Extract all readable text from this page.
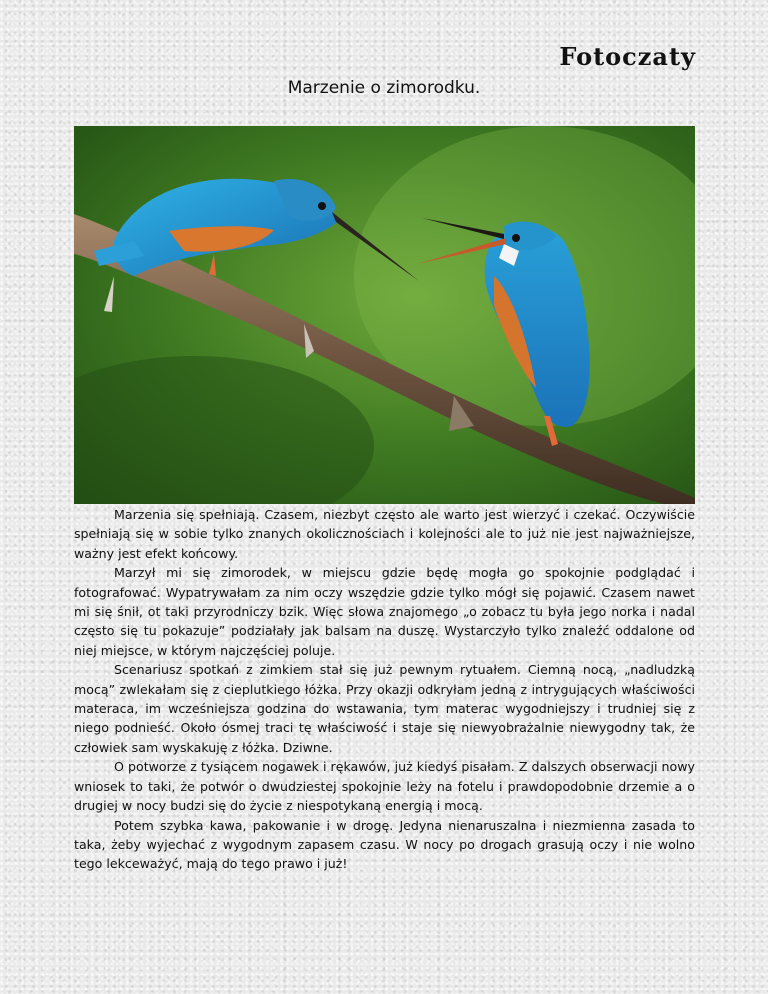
Fotoczaty
Marzenie o zimorodku.

Marzenia się spełniają. Czasem, niezbyt często ale warto jest wierzyć i czekać. Oczywiście spełniają się w sobie tylko znanych okolicznościach i kolejności ale to już nie jest najważniejsze, ważny jest efekt końcowy.

Marzył mi się zimorodek, w miejscu gdzie będę mogła go spokojnie podglądać i fotografować. Wypatrywałam za nim oczy wszędzie gdzie tylko mógł się pojawić. Czasem nawet mi się śnił, ot taki przyrodniczy bzik. Więc słowa znajomego „o zobacz tu była jego norka i nadal często się tu pokazuje” podziałały jak balsam na duszę. Wystarczyło tylko znaleźć oddalone od niej miejsce, w którym najczęściej poluje.

Scenariusz spotkań z zimkiem stał się już pewnym rytuałem. Ciemną nocą, „nadludzką mocą” zwlekałam się z cieplutkiego łóżka. Przy okazji odkryłam jedną z intrygujących właściwości materaca, im wcześniejsza godzina do wstawania, tym materac wygodniejszy i trudniej się z niego podnieść. Około ósmej traci tę właściwość i staje się niewyobrażalnie niewygodny tak, że człowiek sam wyskakuję z łóżka. Dziwne.

O potworze z tysiącem nogawek i rękawów, już kiedyś pisałam. Z dalszych obserwacji nowy wniosek to taki, że potwór o dwudziestej spokojnie leży na fotelu i prawdopodobnie drzemie a o drugiej w nocy budzi się do życie z niespotykaną energią i mocą.

Potem szybka kawa, pakowanie i w drogę. Jedyna nienaruszalna i niezmienna zasada to taka, żeby wyjechać z wygodnym zapasem czasu. W nocy po drogach grasują oczy i nie wolno tego lekceważyć, mają do tego prawo i już!
